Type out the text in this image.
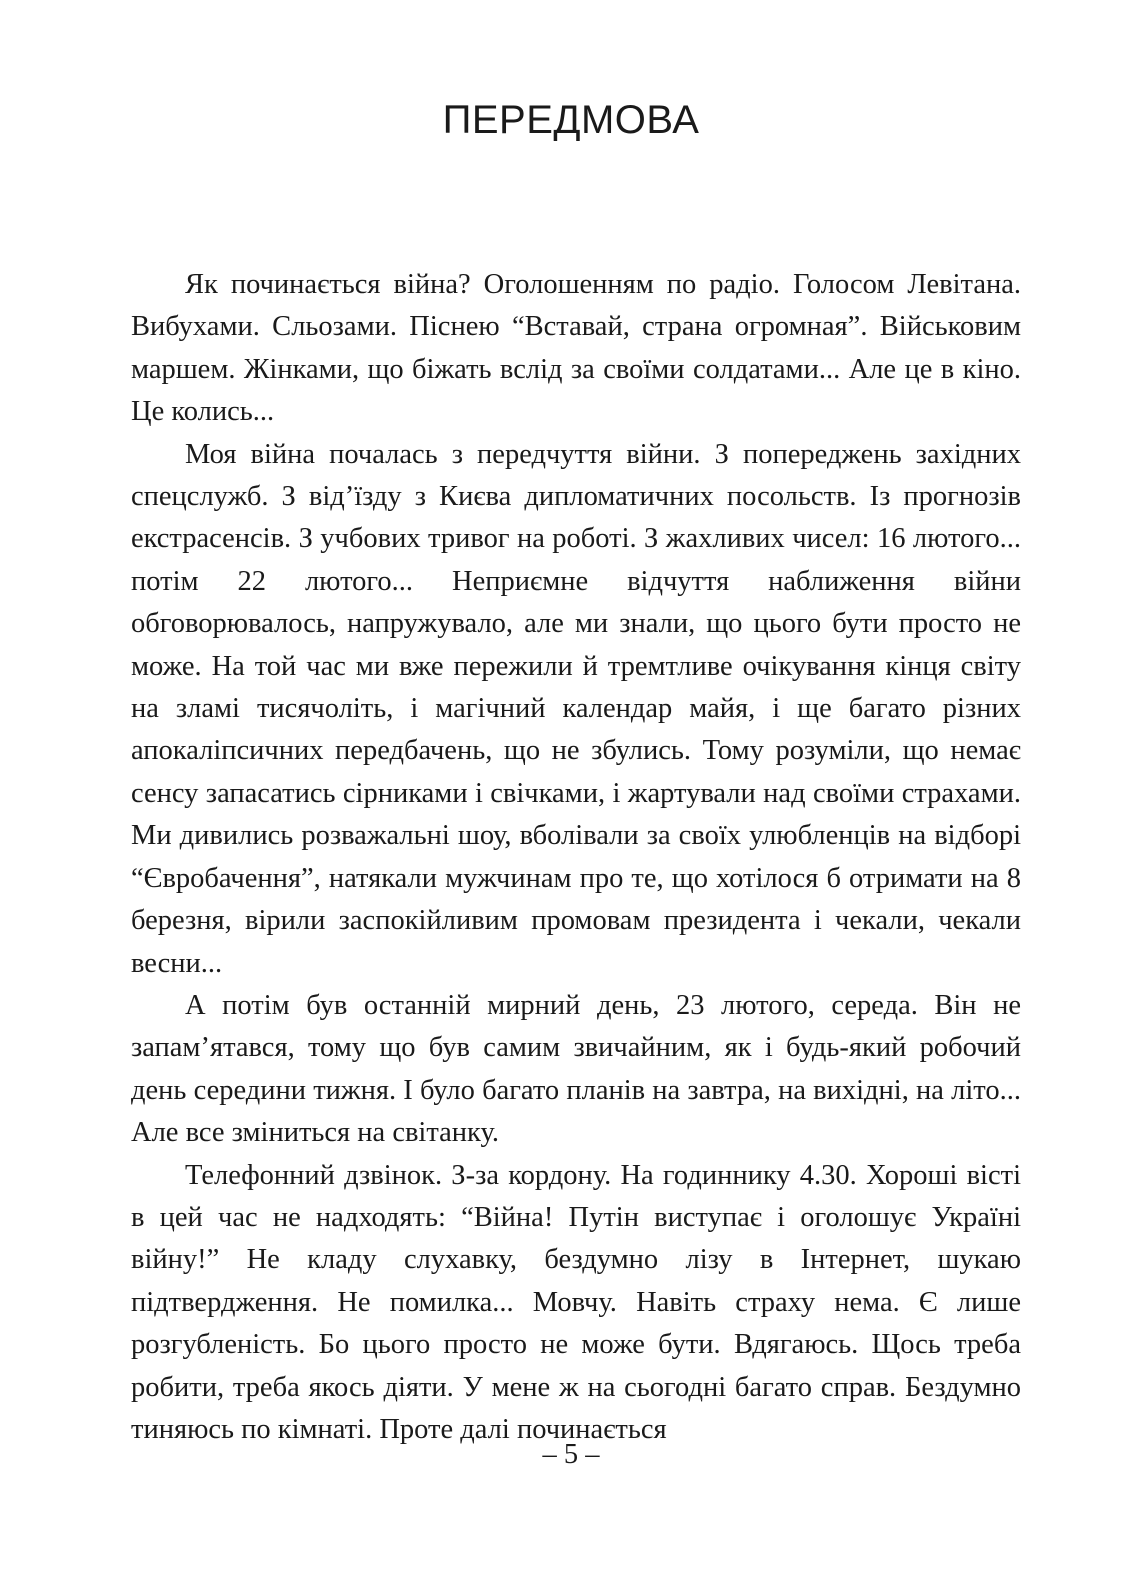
ПЕРЕДМОВА

Як починається війна? Оголошенням по радіо. Голосом Левітана. Вибухами. Сльозами. Піснею “Вставай, страна огромная”. Військовим маршем. Жінками, що біжать вслід за своїми солдатами... Але це в кіно. Це колись...

Моя війна почалась з передчуття війни. З попереджень західних спецслужб. З від’їзду з Києва дипломатичних посольств. Із прогнозів екстрасенсів. З учбових тривог на роботі. З жахливих чисел: 16 лютого... потім 22 лютого... Неприємне відчуття наближення війни обговорювалось, напружувало, але ми знали, що цього бути просто не може. На той час ми вже пережили й тремтливе очікування кінця світу на зламі тисячоліть, і магічний календар майя, і ще багато різних апокаліпсичних передбачень, що не збулись. Тому розуміли, що немає сенсу запасатись сірниками і свічками, і жартували над своїми страхами. Ми дивились розважальні шоу, вболівали за своїх улюбленців на відборі “Євробачення”, натякали мужчинам про те, що хотілося б отримати на 8 березня, вірили заспокійливим промовам президента і чекали, чекали весни...

А потім був останній мирний день, 23 лютого, середа. Він не запам’ятався, тому що був самим звичайним, як і будь-який робочий день середини тижня. І було багато планів на завтра, на вихідні, на літо... Але все зміниться на світанку.

Телефонний дзвінок. З-за кордону. На годиннику 4.30. Хороші вісті в цей час не надходять: “Війна! Путін виступає і оголошує Україні війну!” Не кладу слухавку, бездумно лізу в Інтернет, шукаю підтвердження. Не помилка... Мовчу. Навіть страху нема. Є лише розгубленість. Бо цього просто не може бути. Вдягаюсь. Щось треба робити, треба якось діяти. У мене ж на сьогодні багато справ. Бездумно тиняюсь по кімнаті. Проте далі починається

– 5 –
